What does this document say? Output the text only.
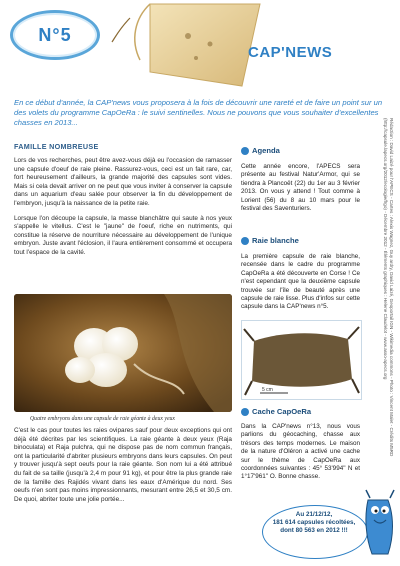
N°5
CAP'NEWS
En ce début d'année, la CAP'news vous proposera à la fois de découvrir une rareté et de faire un point sur un des volets du programme CapOeRa : le suivi sentinelles. Nous ne pouvons que vous souhaiter d'excellentes chasses en 2013...
FAMILLE NOMBREUSE

Lors de vos recherches, peut être avez-vous déjà eu l'occasion de ramasser une capsule d'oeuf de raie pleine. Rassurez-vous, ceci est un fait rare, car, fort heureusement d'ailleurs, la grande majorité des capsules sont vides. Mais si cela devait arriver on ne peut que vous inviter à conserver la capsule dans un aquarium d'eau salée pour observer la fin du développement de l'embryon, jusqu'à la naissance de la petite raie.

Lorsque l'on découpe la capsule, la masse blanchâtre qui saute à nos yeux s'appelle le vitellus. C'est le "jaune" de l'oeuf, riche en nutriments, qui constitue la réserve de nourriture nécessaire au développement de l'unique embryon. Juste avant l'éclosion, il l'aura entièrement consommé et occupera tout l'espace de la cavité.

Quatre embryons dans une capsule de raie géante à deux yeux

C'est le cas pour toutes les raies ovipares sauf pour deux exceptions qui ont déjà été décrites par les scientifiques. La raie géante à deux yeux (Raja binoculata) et Raja pulchra, qui ne dispose pas de nom commun français, ont la particularité d'abriter plusieurs embryons dans leurs capsules. On peut y trouver jusqu'à sept oeufs pour la raie géante. Son nom lui a été attribué du fait de sa taille (jusqu'à 2,4 m pour 91 kg), et pour être la plus grande raie de la famille des Rajidés vivant dans les eaux d'Amérique du nord. Ses oeufs n'en sont pas moins impressionnants, mesurant entre 26,5 et 30,5 cm. De quoi, abriter toute une jolie portée...

Agenda
Cette année encore, l'APECS sera présente au festival Natur'Armor, qui se tiendra à Plancoët (22) du 1er au 3 février 2013. On vous y attend ! Tout comme à Lorient (56) du 8 au 10 mars pour le festival des Saventuriers.
Raie blanche
La première capsule de raie blanche, recensée dans le cadre du programme CapOeRa a été découverte en Corse ! Ce n'est cependant que la deuxième capsule trouvée sur l'île de beauté après une capsule de raie lisse. Plus d'infos sur cette capsule dans la CAP'news n°5.
5 cm
Cache CapOeRa
Dans la CAP'news n°13, nous vous parlions du géocaching, chasse aux trésors des temps modernes. Le maison de la nature d'Oléron a activé une cache sur le thème de CapOeRa aux coordonnées suivantes : 45° 53'994'' N et 1°17'961'' O. Bonne chasse.
Rédaction : David Laizé pour l'APECS - Cartes : Alexis Wagnez, Guy ardry, David Laizé, Geoportail IGN - Wikimedia commons - Photo : Vincent Malet - Crédits M5RD (http://capsule.lapecs.org/2012/ecologie/frgo) - Décembre 2012 - Éléments graphiques : Helene Claudelot - www.asso-apecs.org
Au 21/12/12,
181 614 capsules récoltées,
dont 80 563 en 2012 !!!
